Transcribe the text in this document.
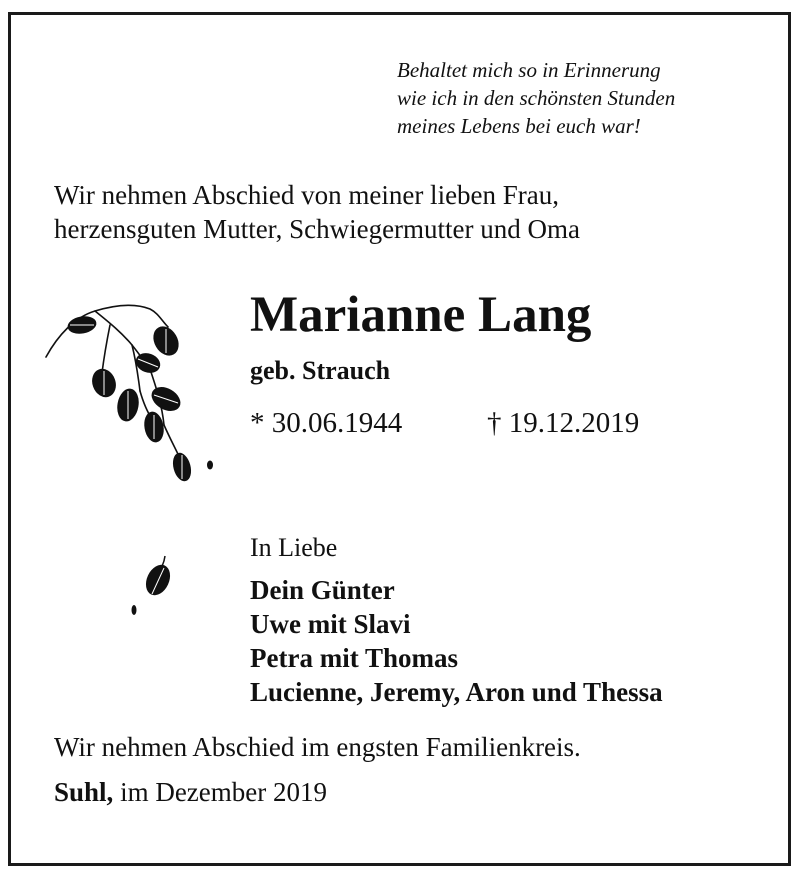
Behaltet mich so in Erinnerung
wie ich in den schönsten Stunden
meines Lebens bei euch war!
Wir nehmen Abschied von meiner lieben Frau,
herzensguten Mutter, Schwiegermutter und Oma
Marianne Lang
geb. Strauch
* 30.06.1944	† 19.12.2019
In Liebe
Dein Günter
Uwe mit Slavi
Petra mit Thomas
Lucienne, Jeremy, Aron und Thessa
Wir nehmen Abschied im engsten Familienkreis.
Suhl, im Dezember 2019
